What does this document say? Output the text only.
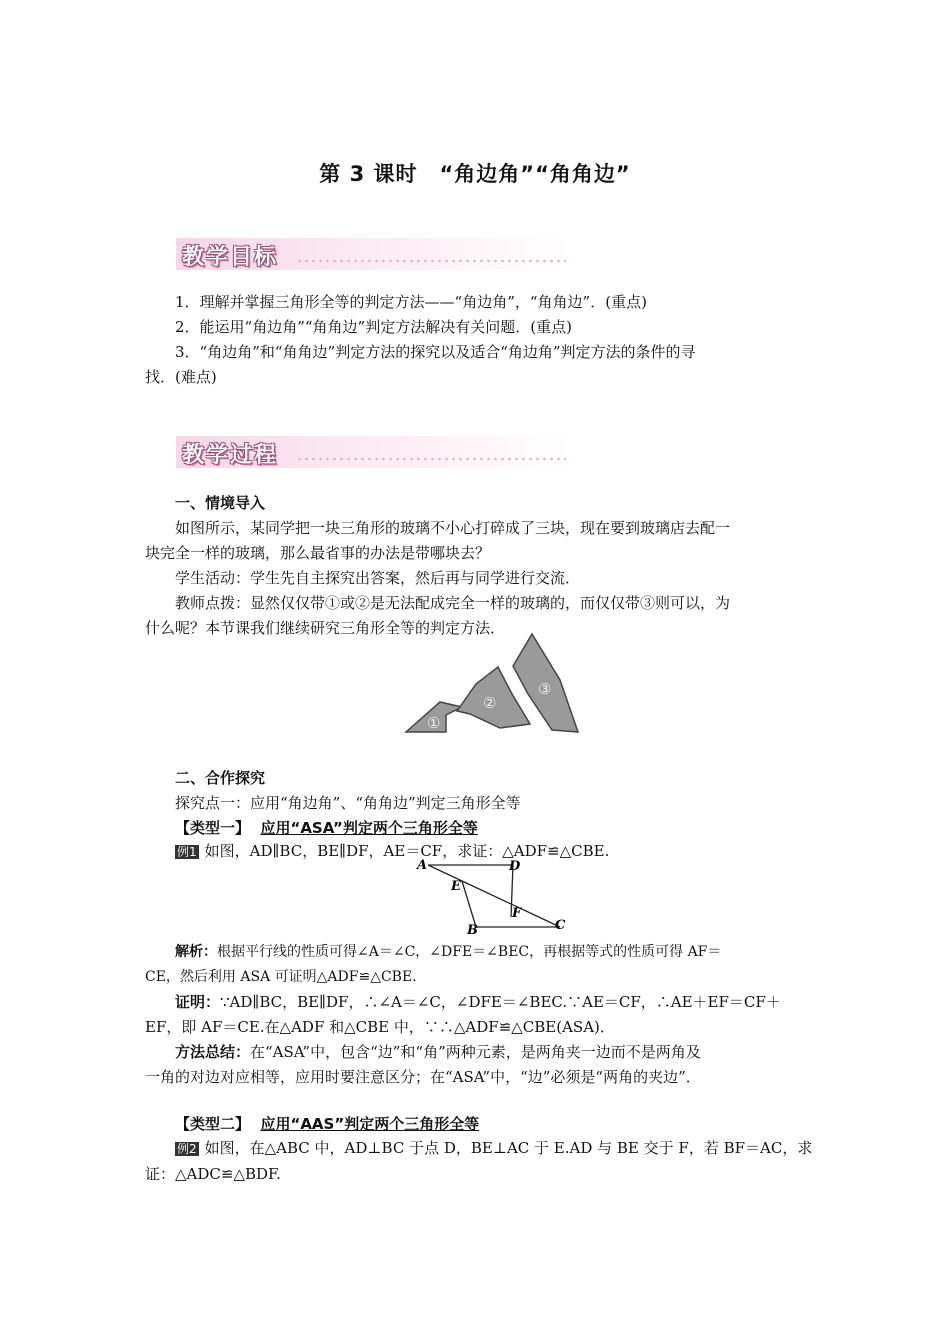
第 3 课时　“角边角”“角角边”
教学目标
1．理解并掌握三角形全等的判定方法——“角边角”，“角角边”．(重点)
2．能运用“角边角”“角角边”判定方法解决有关问题．(重点)
3．“角边角”和“角角边”判定方法的探究以及适合“角边角”判定方法的条件的寻
找．(难点)
教学过程
一、情境导入
如图所示，某同学把一块三角形的玻璃不小心打碎成了三块，现在要到玻璃店去配一
块完全一样的玻璃，那么最省事的办法是带哪块去？
学生活动：学生先自主探究出答案，然后再与同学进行交流．
教师点拨：显然仅仅带①或②是无法配成完全一样的玻璃的，而仅仅带③则可以，为
什么呢？本节课我们继续研究三角形全等的判定方法．
①
②
③
二、合作探究
探究点一：应用“角边角”、“角角边”判定三角形全等
【类型一】 应用“ASA”判定两个三角形全等
例1 如图，AD∥BC，BE∥DF，AE＝CF，求证：△ADF≌△CBE.
A	D
E
F
B	C
解析：根据平行线的性质可得∠A＝∠C，∠DFE＝∠BEC，再根据等式的性质可得 AF＝
CE，然后利用 ASA 可证明△ADF≌△CBE.
证明：∵AD∥BC，BE∥DF，∴∠A＝∠C，∠DFE＝∠BEC.∵AE＝CF，∴AE＋EF＝CF＋
EF，即 AF＝CE.在△ADF 和△CBE 中，∵∴△ADF≌△CBE(ASA)．
方法总结：在“ASA”中，包含“边”和“角”两种元素，是两角夹一边而不是两角及
一角的对边对应相等，应用时要注意区分；在“ASA”中，“边”必须是“两角的夹边”．
【类型二】 应用“AAS”判定两个三角形全等
例2 如图，在△ABC 中，AD⊥BC 于点 D，BE⊥AC 于 E.AD 与 BE 交于 F，若 BF＝AC，求
证：△ADC≌△BDF.
